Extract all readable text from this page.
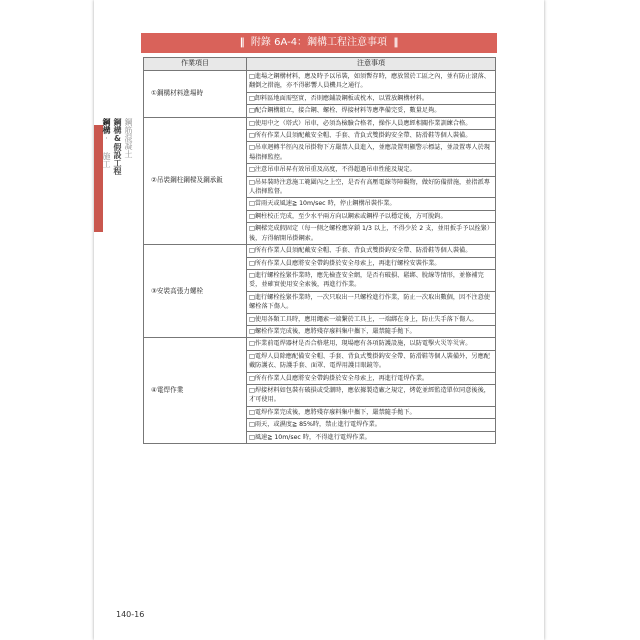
鋼筋混凝土
鋼構&假設工程
鋼構‧ 施工
‖ 附錄 6A-4：鋼構工程注意事項 ‖
作業項目	注意事項
①鋼構材料進場時	□進場之鋼構材料，應及時予以吊裝，如須暫存時，應放置於工區之內，並有防止滾落、翻倒之措施，亦不得影響人員機具之通行。
	□卸料區地面需堅實，否則應鋪設鋼板或枕木，以置放鋼構材料。
	□配合鋼構組立，接合鋼、螺栓、焊接材料等應準備完妥，數量足夠。
②吊裝鋼柱鋼樑及鋼承鈑	□使用中之（塔式）吊車，必須為檢驗合格者，操作人員應經相關作業訓練合格。
	□所有作業人員須配戴安全帽、手套、背負式雙掛鈎安全帶、防滑鞋等個人裝備。
	□吊車迴轉半徑內及吊掛物下方嚴禁人員進入，並應設置明顯警示標誌，並設置專人於現場指揮監控。
	□注意吊車吊昇有效吊重及高度，不得超過吊車性能及規定。
	□吊昇裝時注意施工範圍內之上空，是否有高壓電線等障礙物，做好防備措施，並指派專人指揮監督。
	□當雨天或風速≧ 10m/sec 時，停止鋼構吊裝作業。
	□鋼柱校正完成，至少水平兩方向以鋼索或鋼桿予以穩定後，方可脫鈎。
	□鋼樑完成假固定（每一側之螺栓應穿鎖 1/3 以上，不得少於 2 支，並用扳手予以拴緊）後，方得解開吊掛鋼索。
③安裝高張力螺栓	□所有作業人員須配戴安全帽、手套、背負式雙掛鈎安全帶、防滑鞋等個人裝備。
	□所有作業人員應將安全帶鈎掛於安全母索上，再進行螺栓安裝作業。
	□進行螺栓拴緊作業時，應先檢查安全網，是否有破損、鬆綁、脫線等情形，並修補完妥，並確實使用安全索後，再進行作業。
	□進行螺栓拴緊作業時，一次只取出一只螺栓進行作業，防止一次取出數個，因不注意使螺栓落下傷人。
	□使用各類工具時，應用繩索一端繫於工具上，一端綁在身上，防止失手落下傷人。
	□螺栓作業完成後，應將殘存廢料集中攜下，嚴禁隨手拋下。
④電焊作業	□作業前電焊器材是否合格堪用，現場應有各項防護設施，以防電擊火災等災害。
	□電焊人員除應配備安全帽、手套、背負式雙掛鈎安全帶、防滑鞋等個人裝備外，另應配戴防護衣、防護手套、面罩、電焊用護目眼鏡等。
	□所有作業人員應將安全帶鈎掛於安全母索上，再進行電焊作業。
	□焊接材料如包裝有破損或受潮時，應依據製造廠之規定，烤乾並經監造單位同意後後，才可使用。
	□電焊作業完成後，應將殘存廢料集中攜下，嚴禁隨手拋下。
	□雨天，或濕度≧ 85%時，禁止進行電焊作業。
	□風速≧ 10m/sec 時，不得進行電焊作業。
140-16
